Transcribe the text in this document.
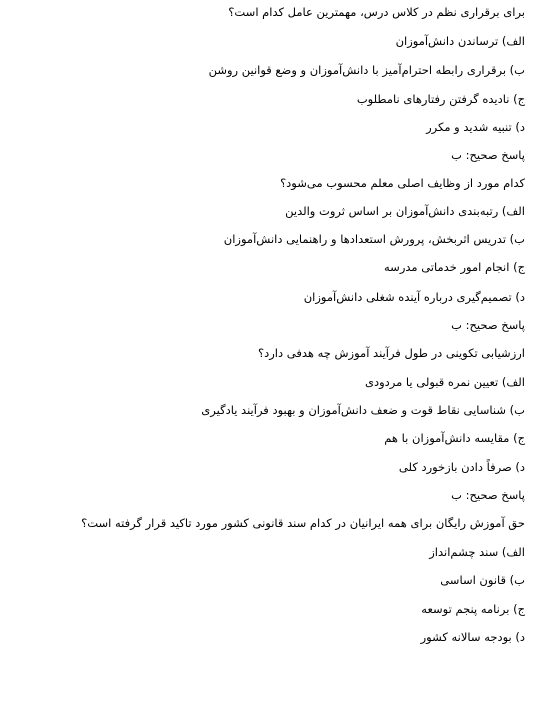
برای برقراری نظم در کلاس درس، مهمترین عامل کدام است؟
الف) ترساندن دانش‌آموزان
ب) برقراری رابطه احترام‌آمیز با دانش‌آموزان و وضع قوانین روشن
ج) نادیده گرفتن رفتارهای نامطلوب
د) تنبیه شدید و مکرر
پاسخ صحیح: ب
کدام مورد از وظایف اصلی معلم محسوب می‌شود؟
الف) رتبه‌بندی دانش‌آموزان بر اساس ثروت والدین
ب) تدریس اثربخش، پرورش استعدادها و راهنمایی دانش‌آموزان
ج) انجام امور خدماتی مدرسه
د) تصمیم‌گیری درباره آینده شغلی دانش‌آموزان
پاسخ صحیح: ب
ارزشیابی تکوینی در طول فرآیند آموزش چه هدفی دارد؟
الف) تعیین نمره قبولی یا مردودی
ب) شناسایی نقاط قوت و ضعف دانش‌آموزان و بهبود فرآیند یادگیری
ج) مقایسه دانش‌آموزان با هم
د) صرفاً دادن بازخورد کلی
پاسخ صحیح: ب
حق آموزش رایگان برای همه ایرانیان در کدام سند قانونی کشور مورد تاکید قرار گرفته است؟
الف) سند چشم‌انداز
ب) قانون اساسی
ج) برنامه پنجم توسعه
د) بودجه سالانه کشور
